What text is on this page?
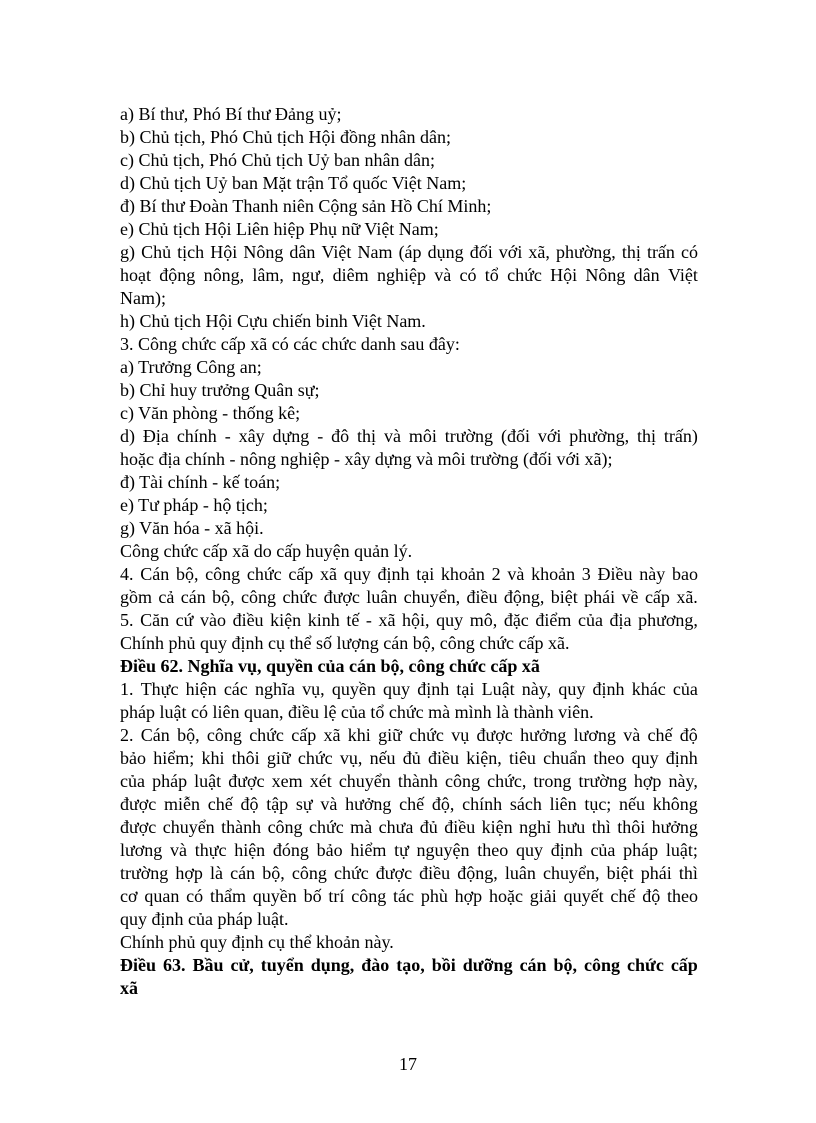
a) Bí thư, Phó Bí thư Đảng uỷ;
b) Chủ tịch, Phó Chủ tịch Hội đồng nhân dân;
c) Chủ tịch, Phó Chủ tịch Uỷ ban nhân dân;
d) Chủ tịch Uỷ ban Mặt trận Tổ quốc Việt Nam;
đ) Bí thư Đoàn Thanh niên Cộng sản Hồ Chí Minh;
e) Chủ tịch Hội Liên hiệp Phụ nữ Việt Nam;
g) Chủ tịch Hội Nông dân Việt Nam (áp dụng đối với xã, phường, thị trấn có
hoạt động nông, lâm, ngư, diêm nghiệp và có tổ chức Hội Nông dân Việt
Nam);
h) Chủ tịch Hội Cựu chiến binh Việt Nam.
3. Công chức cấp xã có các chức danh sau đây:
a) Trưởng Công an;
b) Chỉ huy trưởng Quân sự;
c) Văn phòng - thống kê;
d) Địa chính - xây dựng - đô thị và môi trường (đối với phường, thị trấn)
hoặc địa chính - nông nghiệp - xây dựng và môi trường (đối với xã);
đ) Tài chính - kế toán;
e) Tư pháp - hộ tịch;
g) Văn hóa - xã hội.
Công chức cấp xã do cấp huyện quản lý.
4. Cán bộ, công chức cấp xã quy định tại khoản 2 và khoản 3 Điều này bao
gồm cả cán bộ, công chức được luân chuyển, điều động, biệt phái về cấp xã.
5. Căn cứ vào điều kiện kinh tế - xã hội, quy mô, đặc điểm của địa phương,
Chính phủ quy định cụ thể số lượng cán bộ, công chức cấp xã.
Điều 62. Nghĩa vụ, quyền của cán bộ, công chức cấp xã
1. Thực hiện các nghĩa vụ, quyền quy định tại Luật này, quy định khác của
pháp luật có liên quan, điều lệ của tổ chức mà mình là thành viên.
2. Cán bộ, công chức cấp xã khi giữ chức vụ được hưởng lương và chế độ
bảo hiểm; khi thôi giữ chức vụ, nếu đủ điều kiện, tiêu chuẩn theo quy định
của pháp luật được xem xét chuyển thành công chức, trong trường hợp này,
được miễn chế độ tập sự và hưởng chế độ, chính sách liên tục; nếu không
được chuyển thành công chức mà chưa đủ điều kiện nghỉ hưu thì thôi hưởng
lương và thực hiện đóng bảo hiểm tự nguyện theo quy định của pháp luật;
trường hợp là cán bộ, công chức được điều động, luân chuyển, biệt phái thì
cơ quan có thẩm quyền bố trí công tác phù hợp hoặc giải quyết chế độ theo
quy định của pháp luật.
Chính phủ quy định cụ thể khoản này.
Điều 63. Bầu cử, tuyển dụng, đào tạo, bồi dưỡng cán bộ, công chức cấp
xã
17
